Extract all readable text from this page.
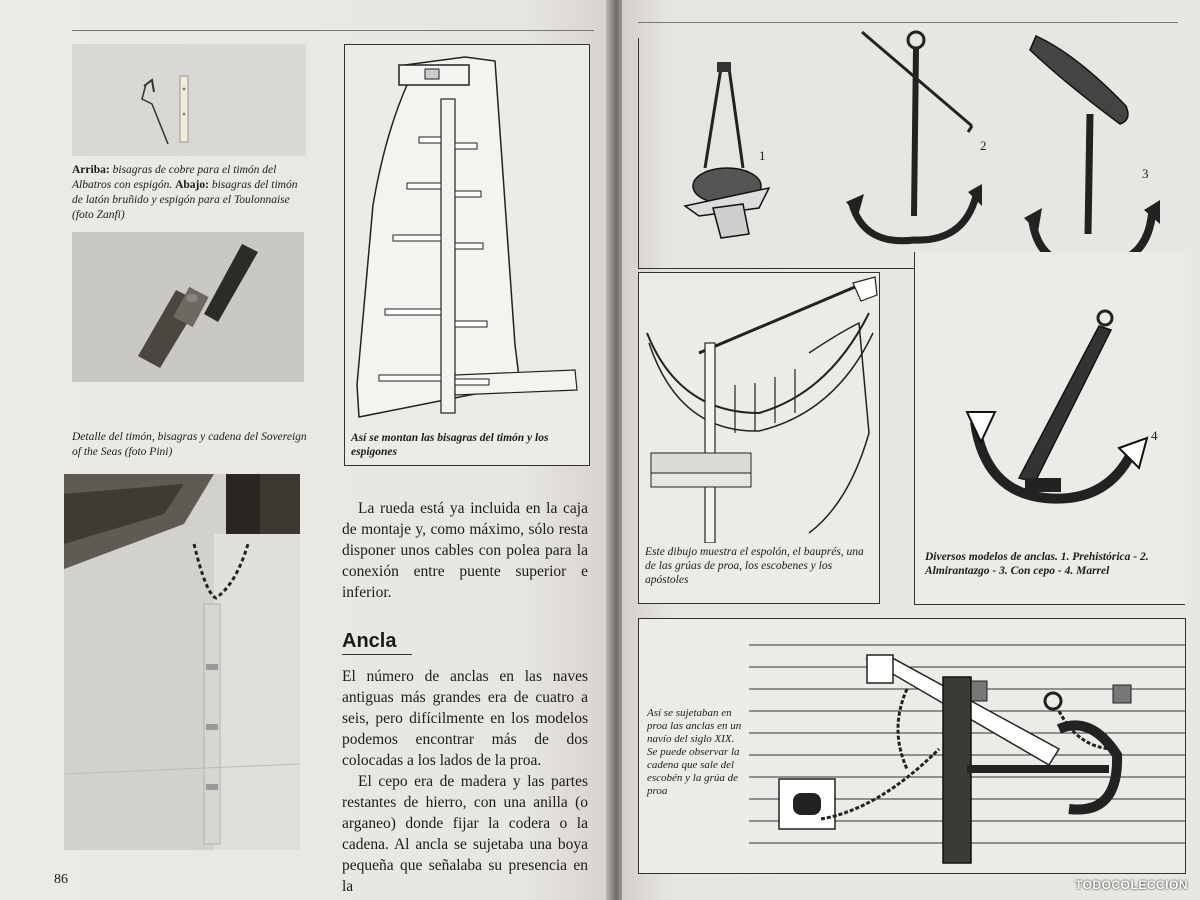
Arriba: bisagras de cobre para el timón del Albatros con espigón. Abajo: bisagras del timón de latón bruñido y espigón para el Toulonnaise (foto Zanfi)
Detalle del timón, bisagras y cadena del Sovereign of the Seas (foto Pini)
Así se montan las bisagras del timón y los espigones

La rueda está ya incluida en la caja de montaje y, como máximo, sólo resta disponer unos cables con polea para la conexión entre puente superior e inferior.

Ancla

El número de anclas en las naves antiguas más grandes era de cuatro a seis, pero difícilmente en los modelos podemos encontrar más de dos colocadas a los lados de la proa.

El cepo era de madera y las partes restantes de hierro, con una anilla (o arganeo) donde fijar la codera o la cadena. Al ancla se sujetaba una boya pequeña que señalaba su presencia en la

86
1
2
3
Este dibujo muestra el espolón, el bauprés, una de las grúas de proa, los escobenes y los apóstoles
4
Diversos modelos de anclas. 1. Prehistórica - 2. Almirantazgo - 3. Con cepo - 4. Marrel
Así se sujetaban en proa las anclas en un navío del siglo XIX. Se puede observar la cadena que sale del escobén y la grúa de proa
TODOCOLECCION
